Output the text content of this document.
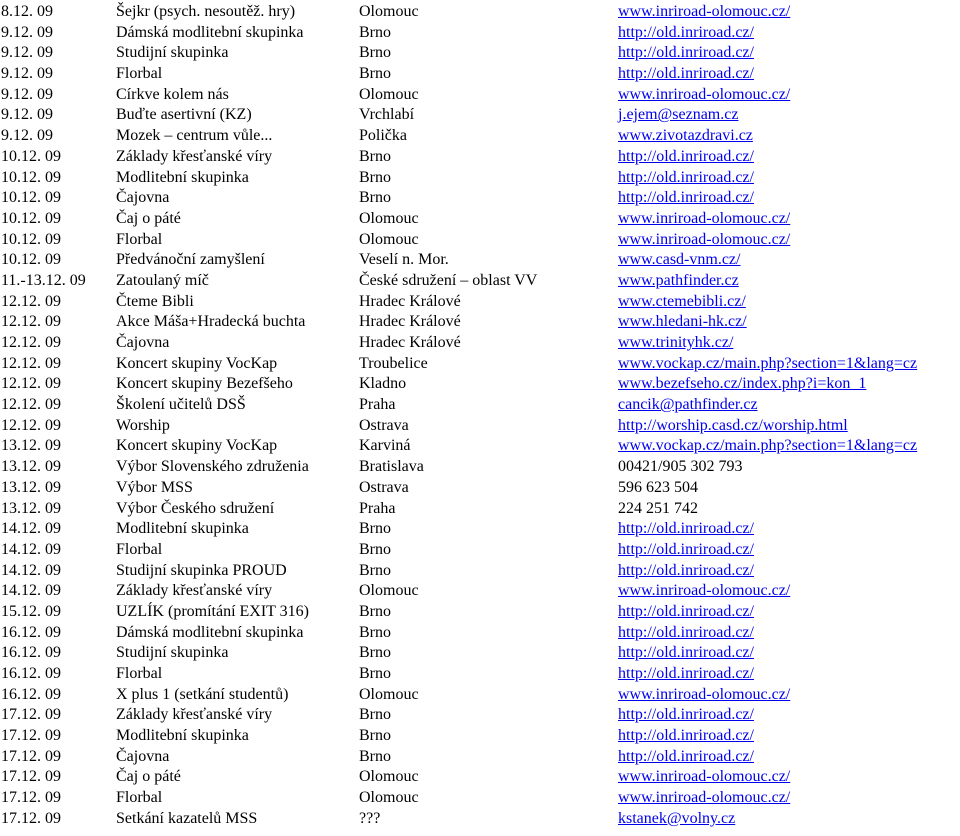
8.12. 09	Šejkr (psych. nesoutěž. hry)	Olomouc	www.inriroad-olomouc.cz/
9.12. 09	Dámská modlitební skupinka	Brno	http://old.inriroad.cz/
9.12. 09	Studijní skupinka	Brno	http://old.inriroad.cz/
9.12. 09	Florbal	Brno	http://old.inriroad.cz/
9.12. 09	Církve kolem nás	Olomouc	www.inriroad-olomouc.cz/
9.12. 09	Buďte asertivní (KZ)	Vrchlabí	j.ejem@seznam.cz
9.12. 09	Mozek – centrum vůle...	Polička	www.zivotazdravi.cz
10.12. 09	Základy křesťanské víry	Brno	http://old.inriroad.cz/
10.12. 09	Modlitební skupinka	Brno	http://old.inriroad.cz/
10.12. 09	Čajovna	Brno	http://old.inriroad.cz/
10.12. 09	Čaj o páté	Olomouc	www.inriroad-olomouc.cz/
10.12. 09	Florbal	Olomouc	www.inriroad-olomouc.cz/
10.12. 09	Předvánoční zamyšlení	Veselí n. Mor.	www.casd-vnm.cz/
11.-13.12. 09 Zatoulaný míč	České sdružení – oblast VV	www.pathfinder.cz
12.12. 09	Čteme Bibli	Hradec Králové	www.ctemebibli.cz/
12.12. 09	Akce Máša+Hradecká buchta	Hradec Králové	www.hledani-hk.cz/
12.12. 09	Čajovna	Hradec Králové	www.trinityhk.cz/
12.12. 09	Koncert skupiny VocKap	Troubelice	www.vockap.cz/main.php?section=1&lang=cz
12.12. 09	Koncert skupiny Bezefšeho	Kladno	www.bezefseho.cz/index.php?i=kon_1
12.12. 09	Školení učitelů DSŠ	Praha	cancik@pathfinder.cz
12.12. 09	Worship	Ostrava	http://worship.casd.cz/worship.html
13.12. 09	Koncert skupiny VocKap	Karviná	www.vockap.cz/main.php?section=1&lang=cz
13.12. 09	Výbor Slovenského združenia	Bratislava	00421/905 302 793
13.12. 09	Výbor MSS	Ostrava	596 623 504
13.12. 09	Výbor Českého sdružení	Praha	224 251 742
14.12. 09	Modlitební skupinka	Brno	http://old.inriroad.cz/
14.12. 09	Florbal	Brno	http://old.inriroad.cz/
14.12. 09	Studijní skupinka PROUD	Brno	http://old.inriroad.cz/
14.12. 09	Základy křesťanské víry	Olomouc	www.inriroad-olomouc.cz/
15.12. 09	UZLÍK (promítání EXIT 316)	Brno	http://old.inriroad.cz/
16.12. 09	Dámská modlitební skupinka	Brno	http://old.inriroad.cz/
16.12. 09	Studijní skupinka	Brno	http://old.inriroad.cz/
16.12. 09	Florbal	Brno	http://old.inriroad.cz/
16.12. 09	X plus 1 (setkání studentů)	Olomouc	www.inriroad-olomouc.cz/
17.12. 09	Základy křesťanské víry	Brno	http://old.inriroad.cz/
17.12. 09	Modlitební skupinka	Brno	http://old.inriroad.cz/
17.12. 09	Čajovna	Brno	http://old.inriroad.cz/
17.12. 09	Čaj o páté	Olomouc	www.inriroad-olomouc.cz/
17.12. 09	Florbal	Olomouc	www.inriroad-olomouc.cz/
17.12. 09	Setkání kazatelů MSS	???	kstanek@volny.cz
